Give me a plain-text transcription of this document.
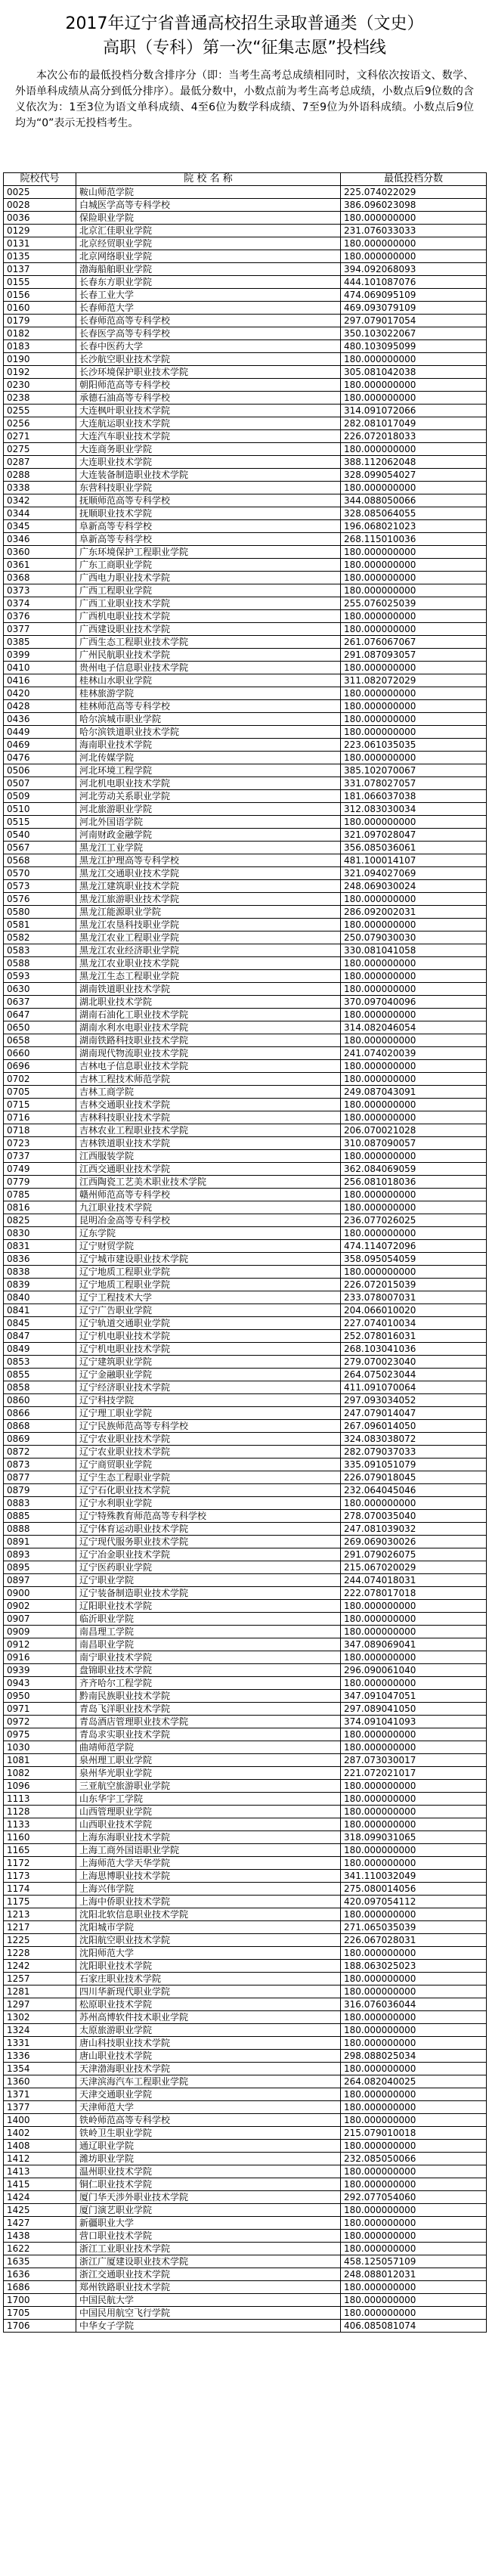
2017年辽宁省普通高校招生录取普通类（文史）
高职（专科）第一次“征集志愿”投档线
本次公布的最低投档分数含排序分（即：当考生高考总成绩相同时，文科依次按语文、数学、外语单科成绩从高分到低分排序）。最低分数中，小数点前为考生高考总成绩，小数点后9位数的含义依次为：1至3位为语文单科成绩、4至6位为数学科成绩、7至9位为外语科成绩。小数点后9位均为“0”表示无投档考生。
院校代号	院 校 名 称	最低投档分数
0025	鞍山师范学院	225.074022029
0028	白城医学高等专科学校	386.096023098
0036	保险职业学院	180.000000000
0129	北京汇佳职业学院	231.076033033
0131	北京经贸职业学院	180.000000000
0135	北京网络职业学院	180.000000000
0137	渤海船舶职业学院	394.092068093
0155	长春东方职业学院	444.101087076
0156	长春工业大学	474.069095109
0160	长春师范大学	469.093079109
0179	长春师范高等专科学校	297.079017054
0182	长春医学高等专科学校	350.103022067
0183	长春中医药大学	480.103095099
0190	长沙航空职业技术学院	180.000000000
0192	长沙环境保护职业技术学院	305.081042038
0230	朝阳师范高等专科学校	180.000000000
0238	承德石油高等专科学校	180.000000000
0255	大连枫叶职业技术学院	314.091072066
0256	大连航运职业技术学院	282.081017049
0271	大连汽车职业技术学院	226.072018033
0275	大连商务职业学院	180.000000000
0287	大连职业技术学院	388.112062048
0288	大连装备制造职业技术学院	328.099054027
0338	东营科技职业学院	180.000000000
0342	抚顺师范高等专科学校	344.088050066
0344	抚顺职业技术学院	328.085064055
0345	阜新高等专科学校	196.068021023
0346	阜新高等专科学校	268.115010036
0360	广东环境保护工程职业学院	180.000000000
0361	广东工商职业学院	180.000000000
0368	广西电力职业技术学院	180.000000000
0373	广西工程职业学院	180.000000000
0374	广西工业职业技术学院	255.076025039
0376	广西机电职业技术学院	180.000000000
0377	广西建设职业技术学院	180.000000000
0385	广西生态工程职业技术学院	261.076067067
0399	广州民航职业技术学院	291.087093057
0410	贵州电子信息职业技术学院	180.000000000
0416	桂林山水职业学院	311.082072029
0420	桂林旅游学院	180.000000000
0428	桂林师范高等专科学校	180.000000000
0436	哈尔滨城市职业学院	180.000000000
0449	哈尔滨铁道职业技术学院	180.000000000
0469	海南职业技术学院	223.061035035
0476	河北传媒学院	180.000000000
0506	河北环境工程学院	385.102070067
0507	河北机电职业技术学院	331.078027057
0509	河北劳动关系职业学院	181.066037038
0510	河北旅游职业学院	312.083030034
0515	河北外国语学院	180.000000000
0540	河南财政金融学院	321.097028047
0567	黑龙江工业学院	356.085036061
0568	黑龙江护理高等专科学校	481.100014107
0570	黑龙江交通职业技术学院	321.094027069
0573	黑龙江建筑职业技术学院	248.069030024
0576	黑龙江旅游职业技术学院	180.000000000
0580	黑龙江能源职业学院	286.092002031
0581	黑龙江农垦科技职业学院	180.000000000
0582	黑龙江农业工程职业学院	250.079030030
0583	黑龙江农业经济职业学院	330.081041058
0588	黑龙江农业职业技术学院	180.000000000
0593	黑龙江生态工程职业学院	180.000000000
0630	湖南铁道职业技术学院	180.000000000
0637	湖北职业技术学院	370.097040096
0647	湖南石油化工职业技术学院	180.000000000
0650	湖南水利水电职业技术学院	314.082046054
0658	湖南铁路科技职业技术学院	180.000000000
0660	湖南现代物流职业技术学院	241.074020039
0696	吉林电子信息职业技术学院	180.000000000
0702	吉林工程技术师范学院	180.000000000
0705	吉林工商学院	249.087043091
0715	吉林交通职业技术学院	180.000000000
0716	吉林科技职业技术学院	180.000000000
0718	吉林农业工程职业技术学院	206.070021028
0723	吉林铁道职业技术学院	310.087090057
0737	江西服装学院	180.000000000
0749	江西交通职业技术学院	362.084069059
0779	江西陶瓷工艺美术职业技术学院	256.081018036
0785	赣州师范高等专科学校	180.000000000
0816	九江职业技术学院	180.000000000
0825	昆明冶金高等专科学校	236.077026025
0830	辽东学院	180.000000000
0831	辽宁财贸学院	474.114072096
0836	辽宁城市建设职业技术学院	358.095054059
0838	辽宁地质工程职业学院	180.000000000
0839	辽宁地质工程职业学院	226.072015039
0840	辽宁工程技术大学	233.078007031
0841	辽宁广告职业学院	204.066010020
0845	辽宁轨道交通职业学院	227.074010034
0847	辽宁机电职业技术学院	252.078016031
0849	辽宁机电职业技术学院	268.103041036
0853	辽宁建筑职业学院	279.070023040
0855	辽宁金融职业学院	264.075023044
0858	辽宁经济职业技术学院	411.091070064
0860	辽宁科技学院	297.093034052
0866	辽宁理工职业学院	247.079014047
0868	辽宁民族师范高等专科学校	267.096014050
0869	辽宁农业职业技术学院	324.083038072
0872	辽宁农业职业技术学院	282.079037033
0873	辽宁商贸职业学院	335.091051079
0877	辽宁生态工程职业学院	226.079018045
0879	辽宁石化职业技术学院	232.064045046
0883	辽宁水利职业学院	180.000000000
0885	辽宁特殊教育师范高等专科学校	278.070035040
0888	辽宁体育运动职业技术学院	247.081039032
0891	辽宁现代服务职业技术学院	269.069030026
0893	辽宁冶金职业技术学院	291.079026075
0895	辽宁医药职业学院	215.067020029
0897	辽宁职业学院	244.074018031
0900	辽宁装备制造职业技术学院	222.078017018
0902	辽阳职业技术学院	180.000000000
0907	临沂职业学院	180.000000000
0909	南昌理工学院	180.000000000
0912	南昌职业学院	347.089069041
0916	南宁职业技术学院	180.000000000
0939	盘锦职业技术学院	296.090061040
0943	齐齐哈尔工程学院	180.000000000
0950	黔南民族职业技术学院	347.091047051
0971	青岛飞洋职业技术学院	297.089041050
0972	青岛酒店管理职业技术学院	374.091041093
0975	青岛求实职业技术学院	180.000000000
1030	曲靖师范学院	180.000000000
1081	泉州理工职业学院	287.073030017
1082	泉州华光职业学院	221.072021017
1096	三亚航空旅游职业学院	180.000000000
1113	山东华宇工学院	180.000000000
1128	山西管理职业学院	180.000000000
1133	山西职业技术学院	180.000000000
1160	上海东海职业技术学院	318.099031065
1165	上海工商外国语职业学院	180.000000000
1172	上海师范大学天华学院	180.000000000
1173	上海思博职业技术学院	341.110032049
1174	上海兴伟学院	275.080014056
1175	上海中侨职业技术学院	420.097054112
1213	沈阳北软信息职业技术学院	180.000000000
1217	沈阳城市学院	271.065035039
1225	沈阳航空职业技术学院	226.067028031
1228	沈阳师范大学	180.000000000
1242	沈阳职业技术学院	188.063025023
1257	石家庄职业技术学院	180.000000000
1281	四川华新现代职业学院	180.000000000
1297	松原职业技术学院	316.076036044
1302	苏州高博软件技术职业学院	180.000000000
1324	太原旅游职业学院	180.000000000
1331	唐山科技职业技术学院	180.000000000
1336	唐山职业技术学院	298.088025034
1354	天津渤海职业技术学院	180.000000000
1360	天津滨海汽车工程职业学院	264.082040025
1371	天津交通职业学院	180.000000000
1377	天津师范大学	180.000000000
1400	铁岭师范高等专科学校	180.000000000
1402	铁岭卫生职业学院	215.079010018
1408	通辽职业学院	180.000000000
1412	潍坊职业学院	232.085050066
1413	温州职业技术学院	180.000000000
1415	铜仁职业技术学院	180.000000000
1424	厦门华天涉外职业技术学院	292.077054060
1425	厦门演艺职业学院	180.000000000
1427	新疆职业大学	180.000000000
1438	营口职业技术学院	180.000000000
1622	浙江工业职业技术学院	180.000000000
1635	浙江广厦建设职业技术学院	458.125057109
1636	浙江交通职业技术学院	248.088012031
1686	郑州铁路职业技术学院	180.000000000
1700	中国民航大学	180.000000000
1705	中国民用航空飞行学院	180.000000000
1706	中华女子学院	406.085081074
